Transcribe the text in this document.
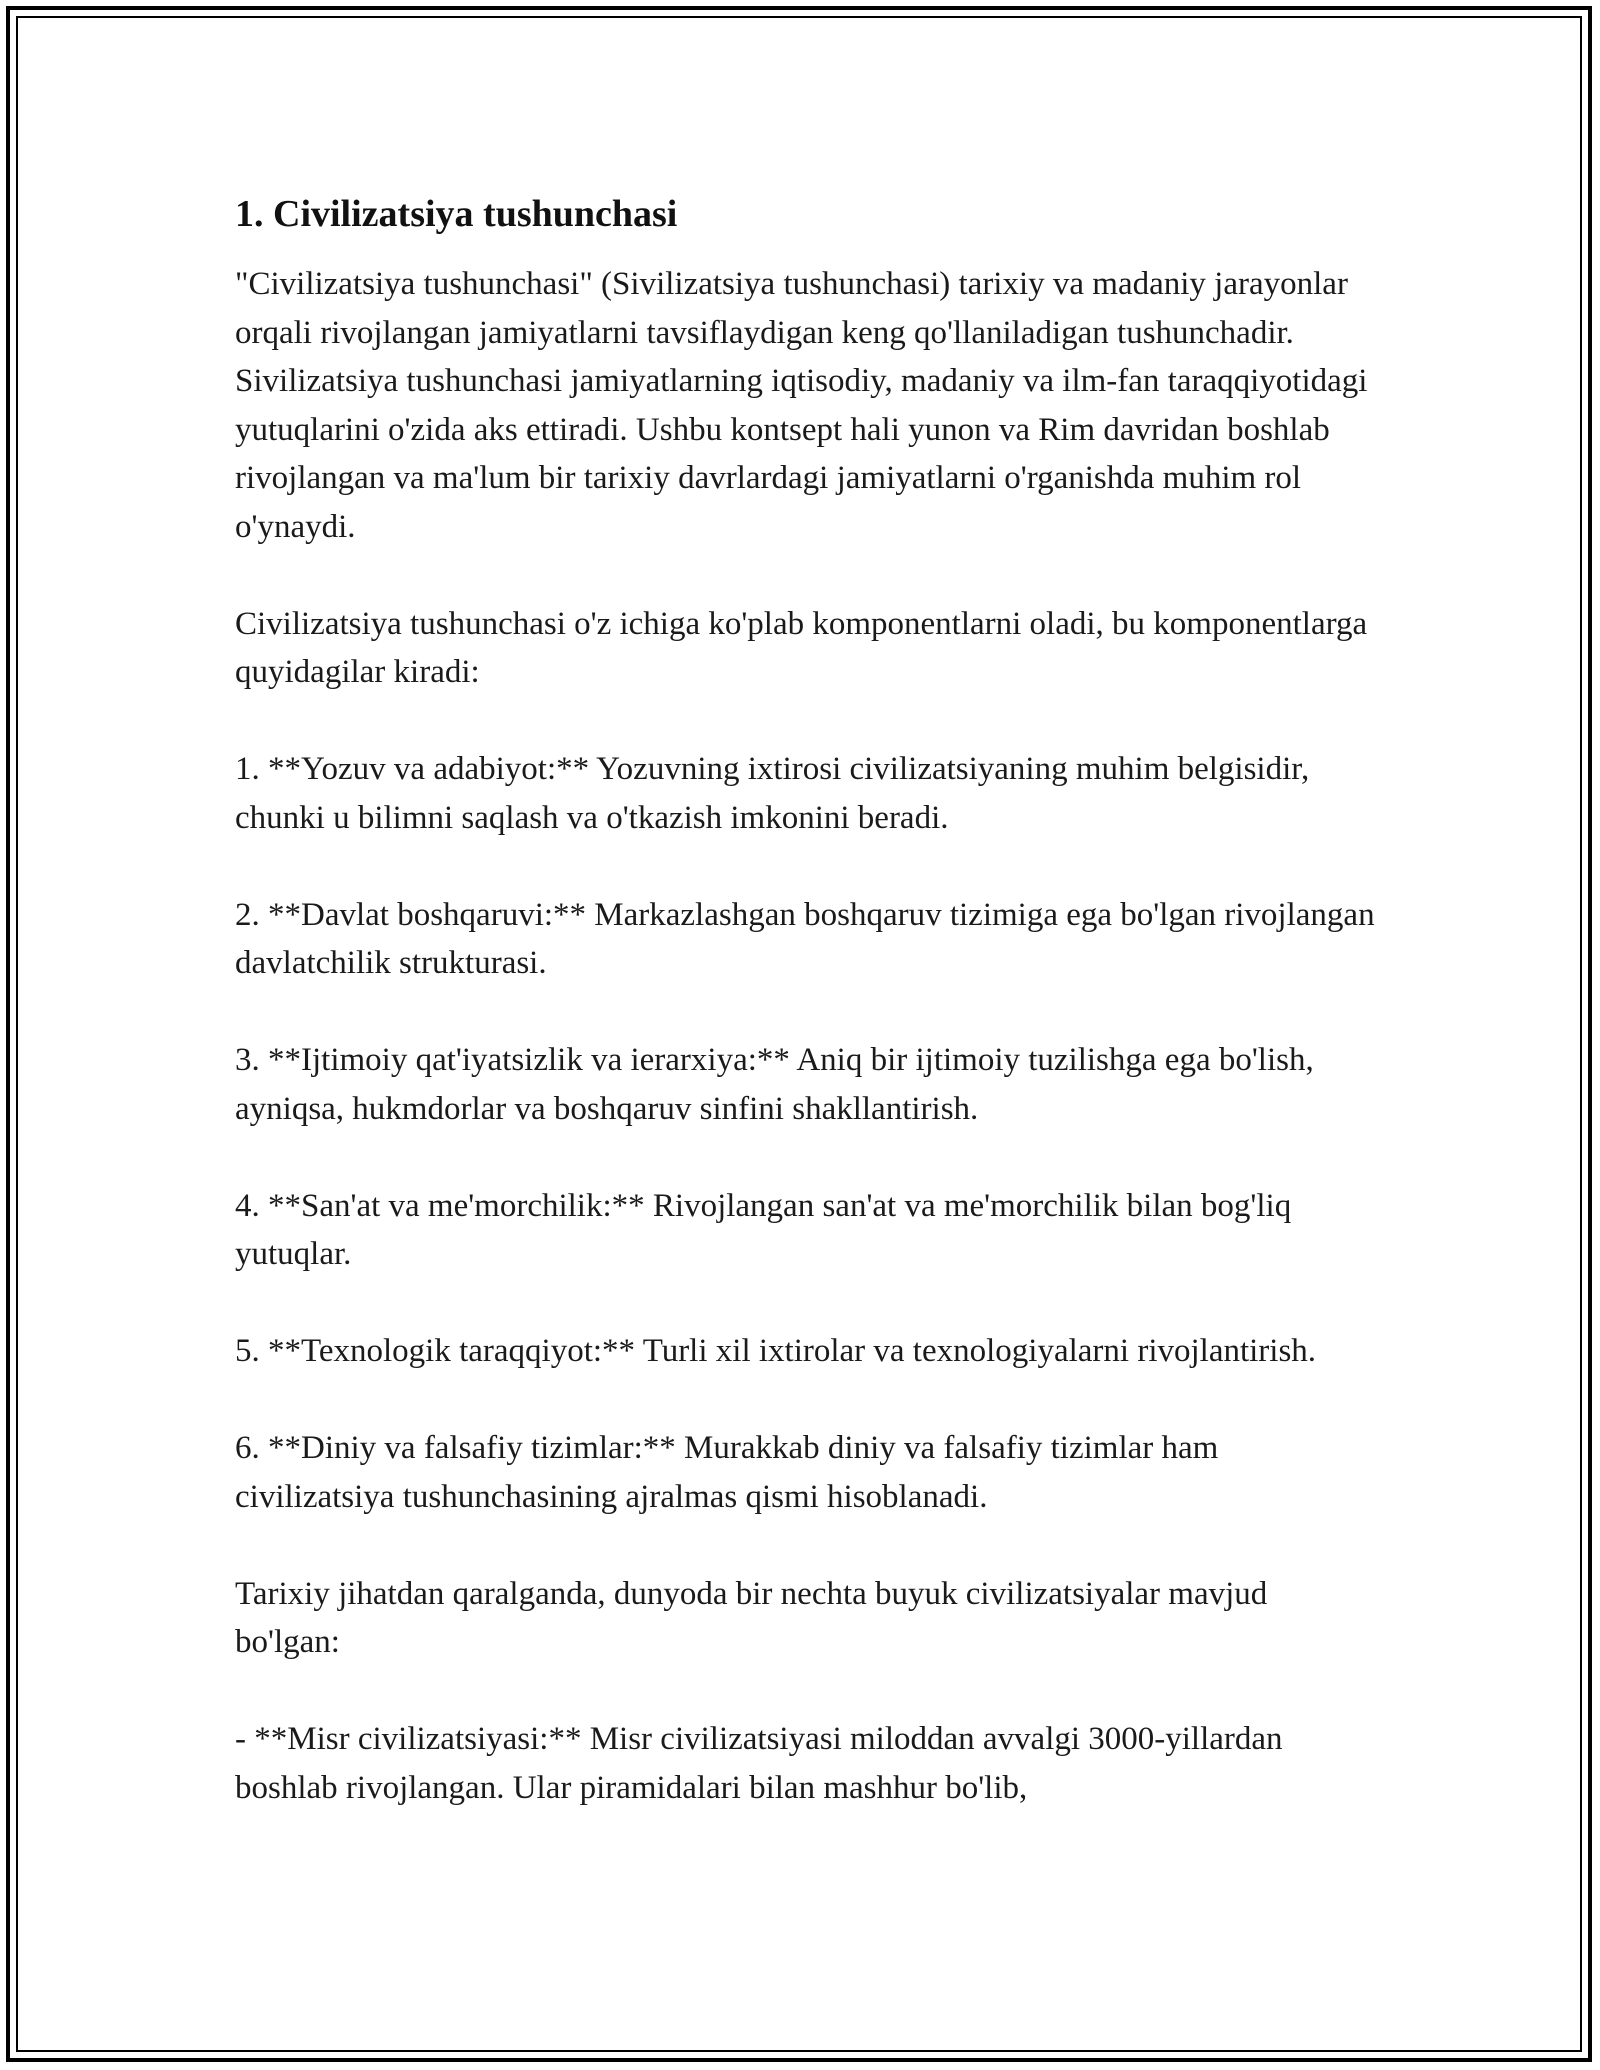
1. Civilizatsiya tushunchasi

"Civilizatsiya tushunchasi" (Sivilizatsiya tushunchasi) tarixiy va madaniy jarayonlar orqali rivojlangan jamiyatlarni tavsiflaydigan keng qo'llaniladigan tushunchadir. Sivilizatsiya tushunchasi jamiyatlarning iqtisodiy, madaniy va ilm-fan taraqqiyotidagi yutuqlarini o'zida aks ettiradi. Ushbu kontsept hali yunon va Rim davridan boshlab rivojlangan va ma'lum bir tarixiy davrlardagi jamiyatlarni o'rganishda muhim rol o'ynaydi.

Civilizatsiya tushunchasi o'z ichiga ko'plab komponentlarni oladi, bu komponentlarga quyidagilar kiradi:

1. **Yozuv va adabiyot:** Yozuvning ixtirosi civilizatsiyaning muhim belgisidir, chunki u bilimni saqlash va o'tkazish imkonini beradi.

2. **Davlat boshqaruvi:** Markazlashgan boshqaruv tizimiga ega bo'lgan rivojlangan davlatchilik strukturasi.

3. **Ijtimoiy qat'iyatsizlik va ierarxiya:** Aniq bir ijtimoiy tuzilishga ega bo'lish, ayniqsa, hukmdorlar va boshqaruv sinfini shakllantirish.

4. **San'at va me'morchilik:** Rivojlangan san'at va me'morchilik bilan bog'liq yutuqlar.

5. **Texnologik taraqqiyot:** Turli xil ixtirolar va texnologiyalarni rivojlantirish.

6. **Diniy va falsafiy tizimlar:** Murakkab diniy va falsafiy tizimlar ham civilizatsiya tushunchasining ajralmas qismi hisoblanadi.

Tarixiy jihatdan qaralganda, dunyoda bir nechta buyuk civilizatsiyalar mavjud bo'lgan:

- **Misr civilizatsiyasi:** Misr civilizatsiyasi miloddan avvalgi 3000-yillardan boshlab rivojlangan. Ular piramidalari bilan mashhur bo'lib,
